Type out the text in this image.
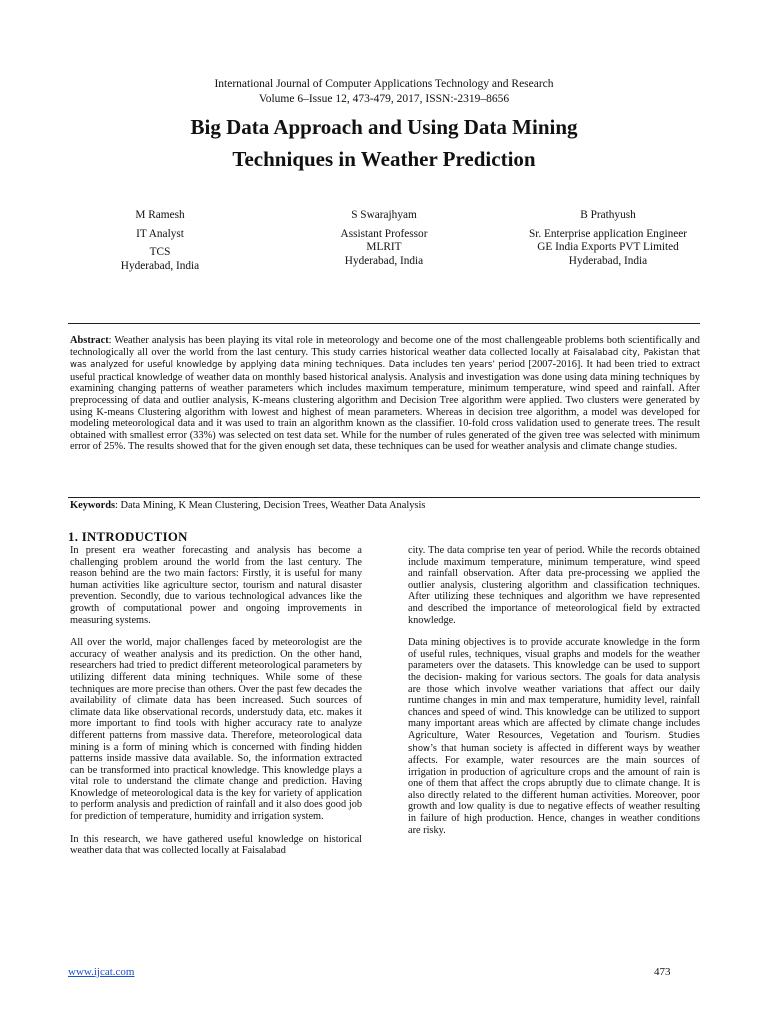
International Journal of Computer Applications Technology and Research
Volume 6–Issue 12, 473-479, 2017, ISSN:-2319–8656
Big Data Approach and Using Data Mining
Techniques in Weather Prediction
M Ramesh
IT Analyst
TCS
Hyderabad, India
S Swarajhyam
Assistant Professor
MLRIT
Hyderabad, India
B Prathyush
Sr. Enterprise application Engineer
GE India Exports PVT Limited
Hyderabad, India
Abstract: Weather analysis has been playing its vital role in meteorology and become one of the most challengeable problems both scientifically and technologically all over the world from the last century. This study carries historical weather data collected locally at Faisalabad city, Pakistan that was analyzed for useful knowledge by applying data mining techniques. Data includes ten years’ period [2007-2016]. It had been tried to extract useful practical knowledge of weather data on monthly based historical analysis. Analysis and investigation was done using data mining techniques by examining changing patterns of weather parameters which includes maximum temperature, minimum temperature, wind speed and rainfall. After preprocessing of data and outlier analysis, K-means clustering algorithm and Decision Tree algorithm were applied. Two clusters were generated by using K-means Clustering algorithm with lowest and highest of mean parameters. Whereas in decision tree algorithm, a model was developed for modeling meteorological data and it was used to train an algorithm known as the classifier. 10-fold cross validation used to generate trees. The result obtained with smallest error (33%) was selected on test data set. While for the number of rules generated of the given tree was selected with minimum error of 25%. The results showed that for the given enough set data, these techniques can be used for weather analysis and climate change studies.
Keywords: Data Mining, K Mean Clustering, Decision Trees, Weather Data Analysis
1. INTRODUCTION

In present era weather forecasting and analysis has become a challenging problem around the world from the last century. The reason behind are the two main factors: Firstly, it is useful for many human activities like agriculture sector, tourism and natural disaster prevention. Secondly, due to various technological advances like the growth of computational power and ongoing improvements in measuring systems.

All over the world, major challenges faced by meteorologist are the accuracy of weather analysis and its prediction. On the other hand, researchers had tried to predict different meteorological parameters by utilizing different data mining techniques. While some of these techniques are more precise than others. Over the past few decades the availability of climate data has been increased. Such sources of climate data like observational records, understudy data, etc. makes it more important to find tools with higher accuracy rate to analyze different patterns from massive data. Therefore, meteorological data mining is a form of mining which is concerned with finding hidden patterns inside massive data available. So, the information extracted can be transformed into practical knowledge. This knowledge plays a vital role to understand the climate change and prediction. Having Knowledge of meteorological data is the key for variety of application to perform analysis and prediction of rainfall and it also does good job for prediction of temperature, humidity and irrigation system.

In this research, we have gathered useful knowledge on historical weather data that was collected locally at Faisalabad

city. The data comprise ten year of period. While the records obtained include maximum temperature, minimum temperature, wind speed and rainfall observation. After data pre-processing we applied the outlier analysis, clustering algorithm and classification techniques. After utilizing these techniques and algorithm we have represented and described the importance of meteorological field by extracted knowledge.

Data mining objectives is to provide accurate knowledge in the form of useful rules, techniques, visual graphs and models for the weather parameters over the datasets. This knowledge can be used to support the decision- making for various sectors. The goals for data analysis are those which involve weather variations that affect our daily runtime changes in min and max temperature, humidity level, rainfall chances and speed of wind. This knowledge can be utilized to support many important areas which are affected by climate change includes Agriculture, Water Resources, Vegetation and Tourism. Studies show’s that human society is affected in different ways by weather affects. For example, water resources are the main sources of irrigation in production of agriculture crops and the amount of rain is one of them that affect the crops abruptly due to climate change. It is also directly related to the different human activities. Moreover, poor growth and low quality is due to negative effects of weather resulting in failure of high production. Hence, changes in weather conditions are risky.

www.ijcat.com	473
